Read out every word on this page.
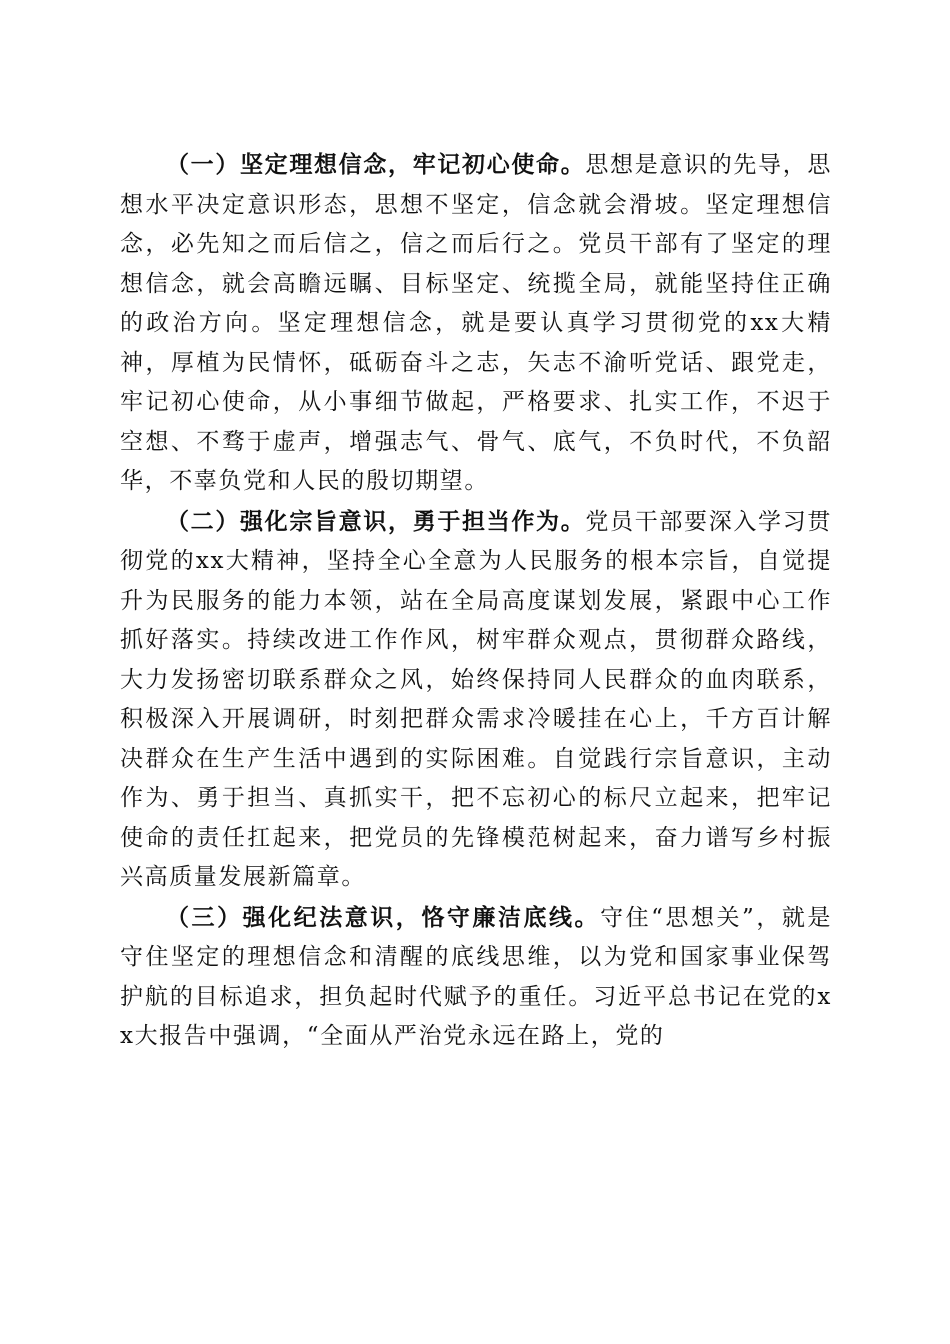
（一）坚定理想信念，牢记初心使命。思想是意识的先导，思想水平决定意识形态，思想不坚定，信念就会滑坡。坚定理想信念，必先知之而后信之，信之而后行之。党员干部有了坚定的理想信念，就会高瞻远瞩、目标坚定、统揽全局，就能坚持住正确的政治方向。坚定理想信念，就是要认真学习贯彻党的xx大精神，厚植为民情怀，砥砺奋斗之志，矢志不渝听党话、跟党走，牢记初心使命，从小事细节做起，严格要求、扎实工作，不迟于空想、不骛于虚声，增强志气、骨气、底气，不负时代，不负韶华，不辜负党和人民的殷切期望。

（二）强化宗旨意识，勇于担当作为。党员干部要深入学习贯彻党的xx大精神，坚持全心全意为人民服务的根本宗旨，自觉提升为民服务的能力本领，站在全局高度谋划发展，紧跟中心工作抓好落实。持续改进工作作风，树牢群众观点，贯彻群众路线，大力发扬密切联系群众之风，始终保持同人民群众的血肉联系，积极深入开展调研，时刻把群众需求冷暖挂在心上，千方百计解决群众在生产生活中遇到的实际困难。自觉践行宗旨意识，主动作为、勇于担当、真抓实干，把不忘初心的标尺立起来，把牢记使命的责任扛起来，把党员的先锋模范树起来，奋力谱写乡村振兴高质量发展新篇章。

（三）强化纪法意识，恪守廉洁底线。守住“思想关”，就是守住坚定的理想信念和清醒的底线思维，以为党和国家事业保驾护航的目标追求，担负起时代赋予的重任。习近平总书记在党的xx大报告中强调，“全面从严治党永远在路上，党的
